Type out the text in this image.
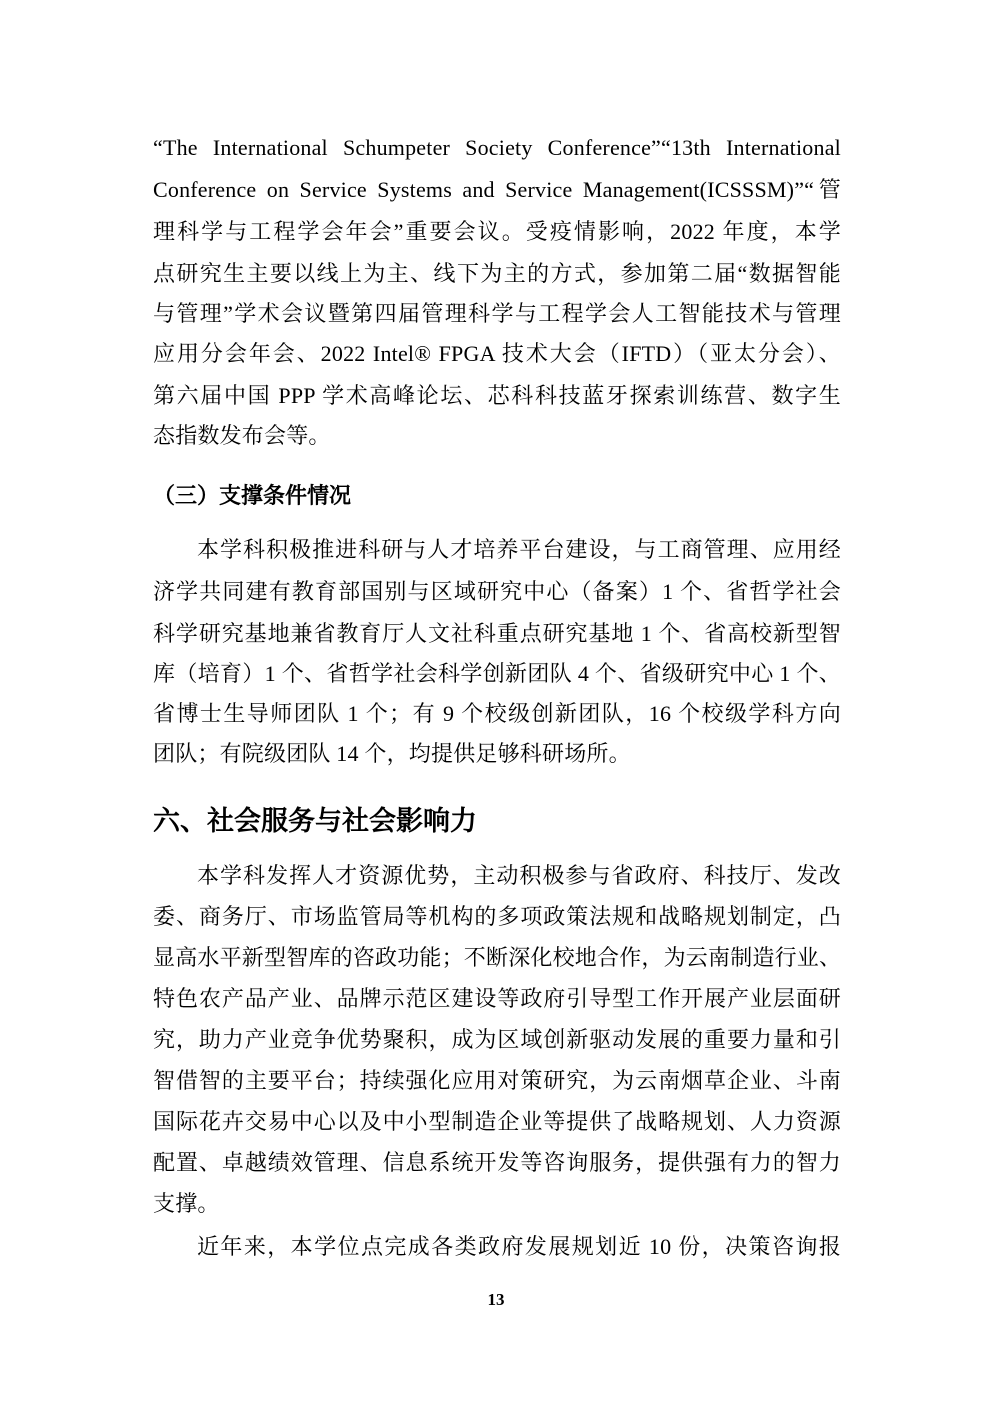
“The International Schumpeter Society Conference”“13th International
Conference on Service Systems and Service Management(ICSSSM)”“管
理科学与工程学会年会”重要会议。受疫情影响，2022 年度，本学
点研究生主要以线上为主、线下为主的方式，参加第二届“数据智能
与管理”学术会议暨第四届管理科学与工程学会人工智能技术与管理
应用分会年会、2022 Intel® FPGA 技术大会（IFTD）（亚太分会）、
第六届中国 PPP 学术高峰论坛、芯科科技蓝牙探索训练营、数字生
态指数发布会等。
（三）支撑条件情况
本学科积极推进科研与人才培养平台建设，与工商管理、应用经
济学共同建有教育部国别与区域研究中心（备案）1 个、省哲学社会
科学研究基地兼省教育厅人文社科重点研究基地 1 个、省高校新型智
库（培育）1 个、省哲学社会科学创新团队 4 个、省级研究中心 1 个、
省博士生导师团队 1 个；有 9 个校级创新团队，16 个校级学科方向
团队；有院级团队 14 个，均提供足够科研场所。
六、社会服务与社会影响力
本学科发挥人才资源优势，主动积极参与省政府、科技厅、发改
委、商务厅、市场监管局等机构的多项政策法规和战略规划制定，凸
显高水平新型智库的咨政功能；不断深化校地合作，为云南制造行业、
特色农产品产业、品牌示范区建设等政府引导型工作开展产业层面研
究，助力产业竞争优势聚积，成为区域创新驱动发展的重要力量和引
智借智的主要平台；持续强化应用对策研究，为云南烟草企业、斗南
国际花卉交易中心以及中小型制造企业等提供了战略规划、人力资源
配置、卓越绩效管理、信息系统开发等咨询服务，提供强有力的智力
支撑。
近年来，本学位点完成各类政府发展规划近 10 份，决策咨询报
13
